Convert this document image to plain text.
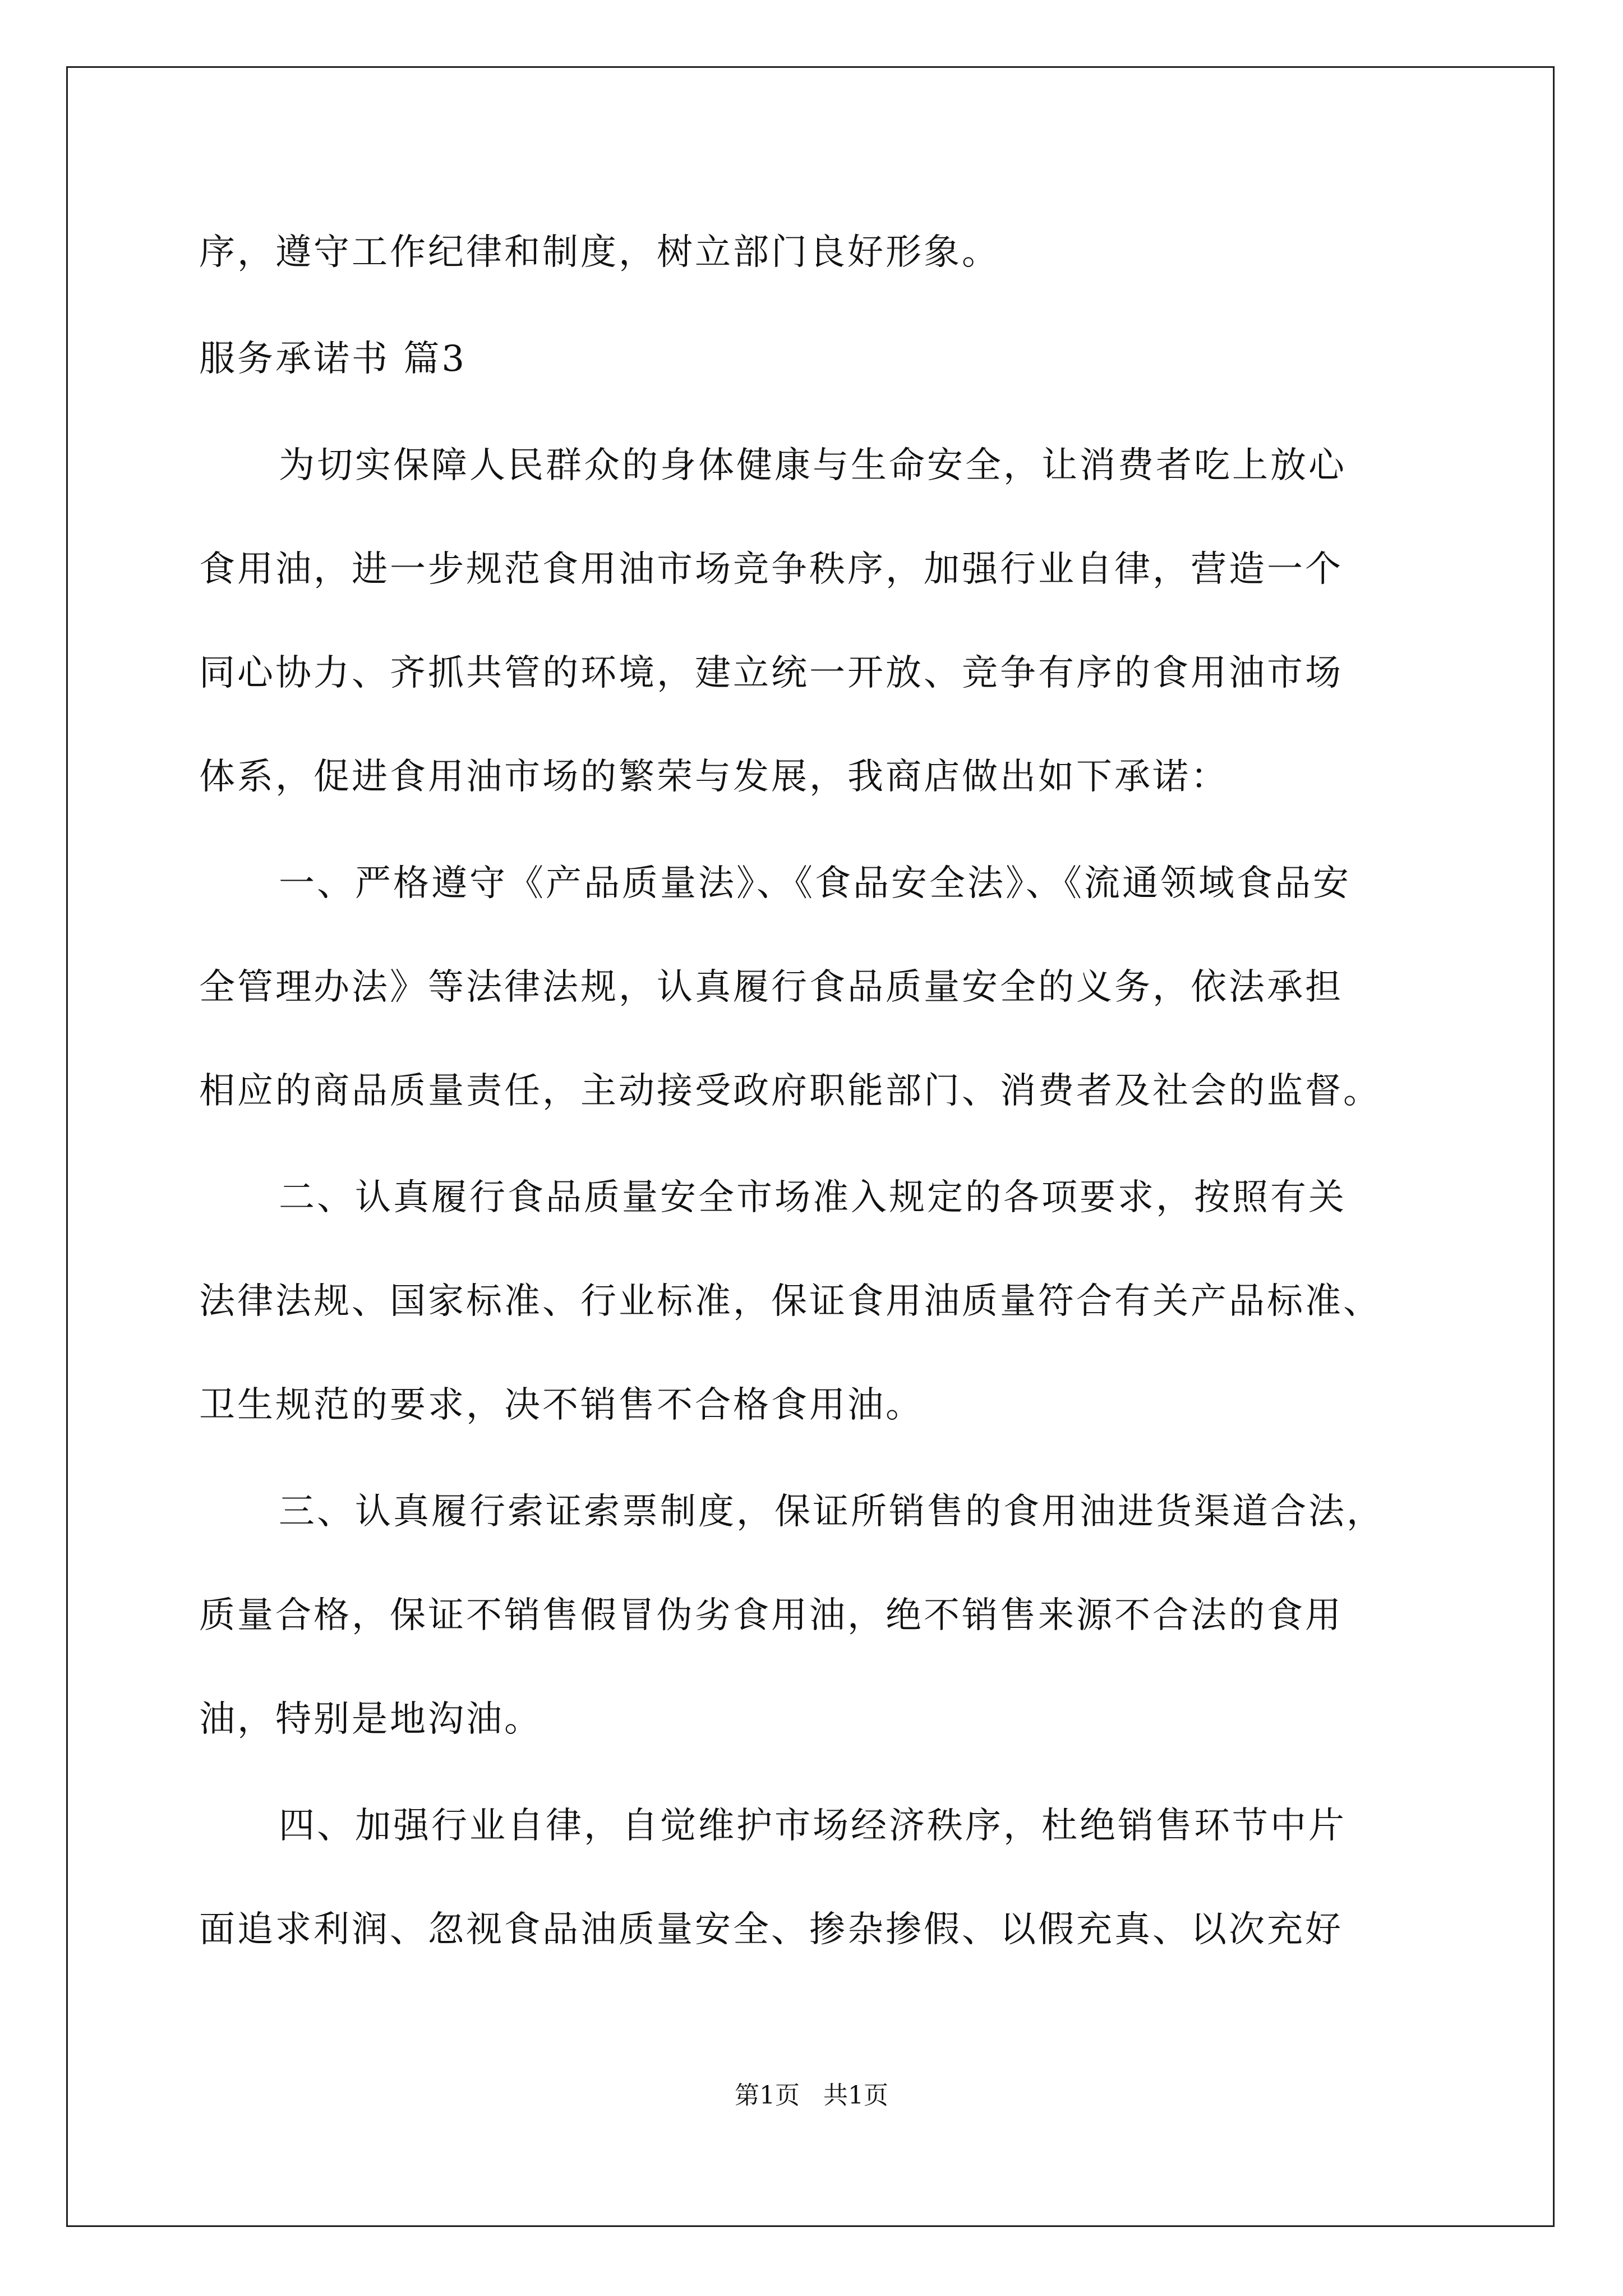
序，遵守工作纪律和制度，树立部门良好形象。

服务承诺书 篇3

为切实保障人民群众的身体健康与生命安全，让消费者吃上放心

食用油，进一步规范食用油市场竞争秩序，加强行业自律，营造一个

同心协力、齐抓共管的环境，建立统一开放、竞争有序的食用油市场

体系，促进食用油市场的繁荣与发展，我商店做出如下承诺：

一、严格遵守《产品质量法》、《食品安全法》、《流通领域食品安

全管理办法》等法律法规，认真履行食品质量安全的义务，依法承担

相应的商品质量责任，主动接受政府职能部门、消费者及社会的监督。

二、认真履行食品质量安全市场准入规定的各项要求，按照有关

法律法规、国家标准、行业标准，保证食用油质量符合有关产品标准、

卫生规范的要求，决不销售不合格食用油。

三、认真履行索证索票制度，保证所销售的食用油进货渠道合法，

质量合格，保证不销售假冒伪劣食用油，绝不销售来源不合法的食用

油，特别是地沟油。

四、加强行业自律，自觉维护市场经济秩序，杜绝销售环节中片

面追求利润、忽视食品油质量安全、掺杂掺假、以假充真、以次充好

第1页   共1页
